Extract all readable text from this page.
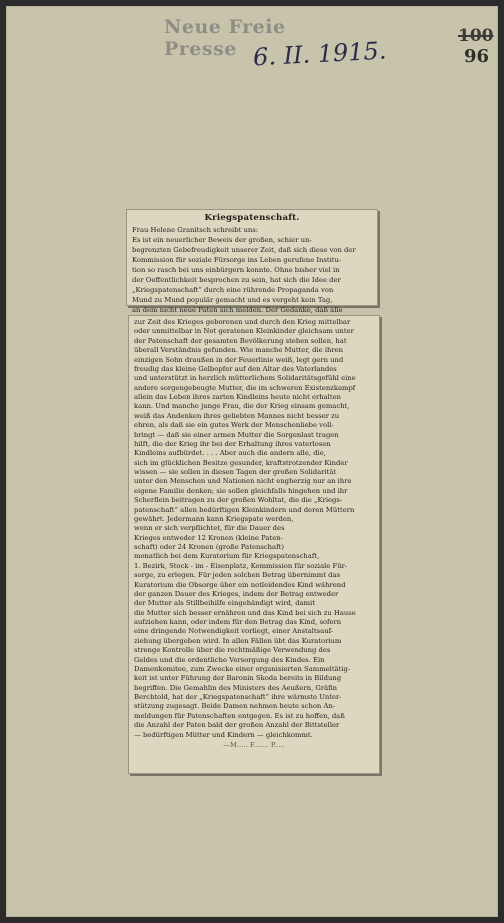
Neue Freie Presse 6. II. 1915.
100
96
Kriegspatenschaft.
Frau Helene Granitsch schreibt uns:
Es ist ein neuerlicher Beweis der großen, schier un-
begrenzten Gebefreudigkeit unserer Zeit, daß sich diese von der
Kommission für soziale Fürsorge ins Leben gerufene Institu-
tion so rasch bei uns einbürgern konnte. Ohne bisher viel in
der Oeffentlichkeit besprochen zu sein, hat sich die Idee der
„Kriegspatenschaft“ durch eine rührende Propaganda von
Mund zu Mund populär gemacht und es vergeht kein Tag,
an dem nicht neue Paten sich melden. Der Gedanke, daß alle
zur Zeit des Krieges geborenen und durch den Krieg mittelbar
oder unmittelbar in Not geratenen Kleinkinder gleichsam unter
der Patenschaft der gesamten Bevölkerung stehen sollen, hat
überall Verständnis gefunden. Wie manche Mutter, die ihren
einzigen Sohn draußen in der Feuerlinie weiß, legt gern und
freudig das kleine Gelbopfer auf den Altar des Vaterlandes
und unterstützt in herzlich mütterlichem Solidaritätsgefühl eine
andere sorgengebeugte Mutter, die im schweren Existenzkampf
allein das Leben ihres zarten Kindleins heute nicht erhalten
kann. Und manche junge Frau, die der Krieg einsam gemacht,
weiß das Andenken ihres geliebten Mannes nicht besser zu
ehren, als daß sie ein gutes Werk der Menschenliebe voll-
bringt — daß sie einer armen Mutter die Sorgenlast tragen
hilft, die der Krieg ihr bei der Erhaltung ihres vaterlosen
Kindleins aufbürdet. . . . Aber auch die andern alle, die,
sich im glücklichen Besitze gesunder, kraftstrotzender Kinder
wissen — sie sollen in diesen Tagen der großen Solidarität
unter den Menschen und Nationen nicht engherzig nur an ihre
eigene Familie denken; sie sollen gleichfalls hingehen und ihr
Scherflein beitragen zu der großen Wohltat, die die „Kriegs-
patenschaft“ allen bedürftigen Kleinkindern und deren Müttern
gewährt. Jedermann kann Kriegspate werden,
wenn er sich verpflichtet, für die Dauer des
Krieges entweder 12 Kronen (kleine Paten-
schaft) oder 24 Kronen (große Patenschaft)
monatlich bei dem Kuratorium für Kriegspatenschaft,
1. Bezirk, Stock - im - Eisenplatz, Kommission für soziale Für-
sorge, zu erlegen. Für jeden solchen Betrag übernimmt das
Kuratorium die Obsorge über ein notleidendes Kind während
der ganzen Dauer des Krieges, indem der Betrag entweder
der Mutter als Stillbeihilfe eingehändigt wird, damit
die Mutter sich besser ernähren und das Kind bei sich zu Hause
aufziehen kann, oder indem für den Betrag das Kind, sofern
eine dringende Notwendigkeit vorliegt, einer Anstaltsauf-
ziehung übergeben wird. In allen Fällen übt das Kuratorium
strenge Kontrolle über die rechtmäßige Verwendung des
Geldes und die ordentliche Versorgung des Kindes. Ein
Damenkomitee, zum Zwecke einer organisierten Sammeltätig-
keit ist unter Führung der Baronin Skoda bereits in Bildung
begriffen. Die Gemahlin des Ministers des Aeußern, Gräfin
Berchtold, hat der „Kriegspatenschaft“ ihre wärmste Unter-
stützung zugesagt. Beide Damen nehmen heute schon An-
meldungen für Patenschaften entgegen. Es ist zu hoffen, daß
die Anzahl der Paten bald der großen Anzahl der Bittsteller
— bedürftigen Mütter und Kindern — gleichkommt.
—M..... F....... P.....
